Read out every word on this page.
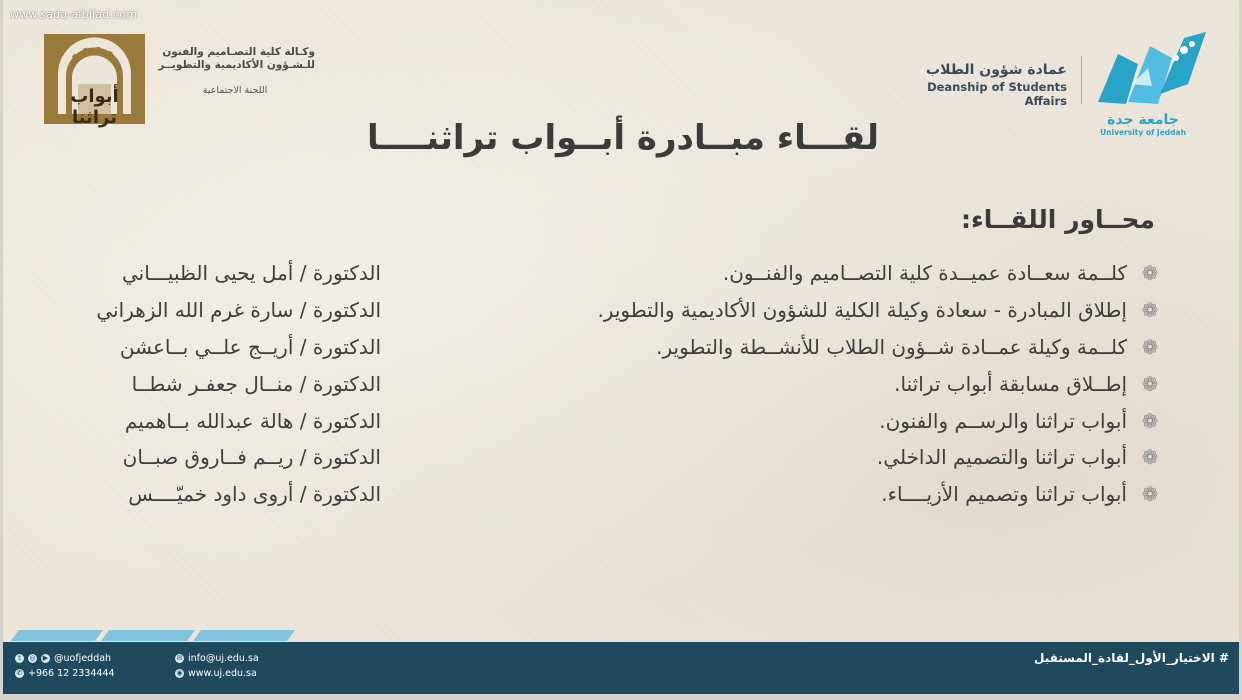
www.sada-albilad.com
أبواب تراثنا
وكـالة كلية التصـاميم والفنون
للـشـؤون الأكاديمية والتطويــر
اللجنة الاجتماعية
عمادة شؤون الطلاب
Deanship of Students Affairs
جامعة جدة
University of Jeddah
لقـــاء مبــادرة أبــواب تراثنــــا
محــاور اللقــاء:
❁
كلــمة سعــادة عميــدة كلية التصــاميم والفنــون.
❁
إطلاق المبادرة - سعادة وكيلة الكلية للشؤون الأكاديمية والتطوير.
❁
كلــمة وكيلة عمــادة شــؤون الطلاب للأنشــطة والتطوير.
❁
إطــلاق مسابقة أبواب تراثنا.
❁
أبواب تراثنا والرســم والفنون.
❁
أبواب تراثنا والتصميم الداخلي.
❁
أبواب تراثنا وتصميم الأزيــــاء.
الدكتورة / أمل يحيى الظبيـــاني
الدكتورة / سارة غرم الله الزهراني
الدكتورة / أريــج علــي بــاعشن
الدكتورة / منــال جعفـر شطــا
الدكتورة / هالة عبدالله بــاهميم
الدكتورة / ريــم فــاروق صبــان
الدكتورة / أروى داود خميّــــس
t	◎ ▶ @uofjeddah
✆ +966 12 2334444
✉ info@uj.edu.sa
◉ www.uj.edu.sa
# الاختيار_الأول_لقادة_المستقبل
